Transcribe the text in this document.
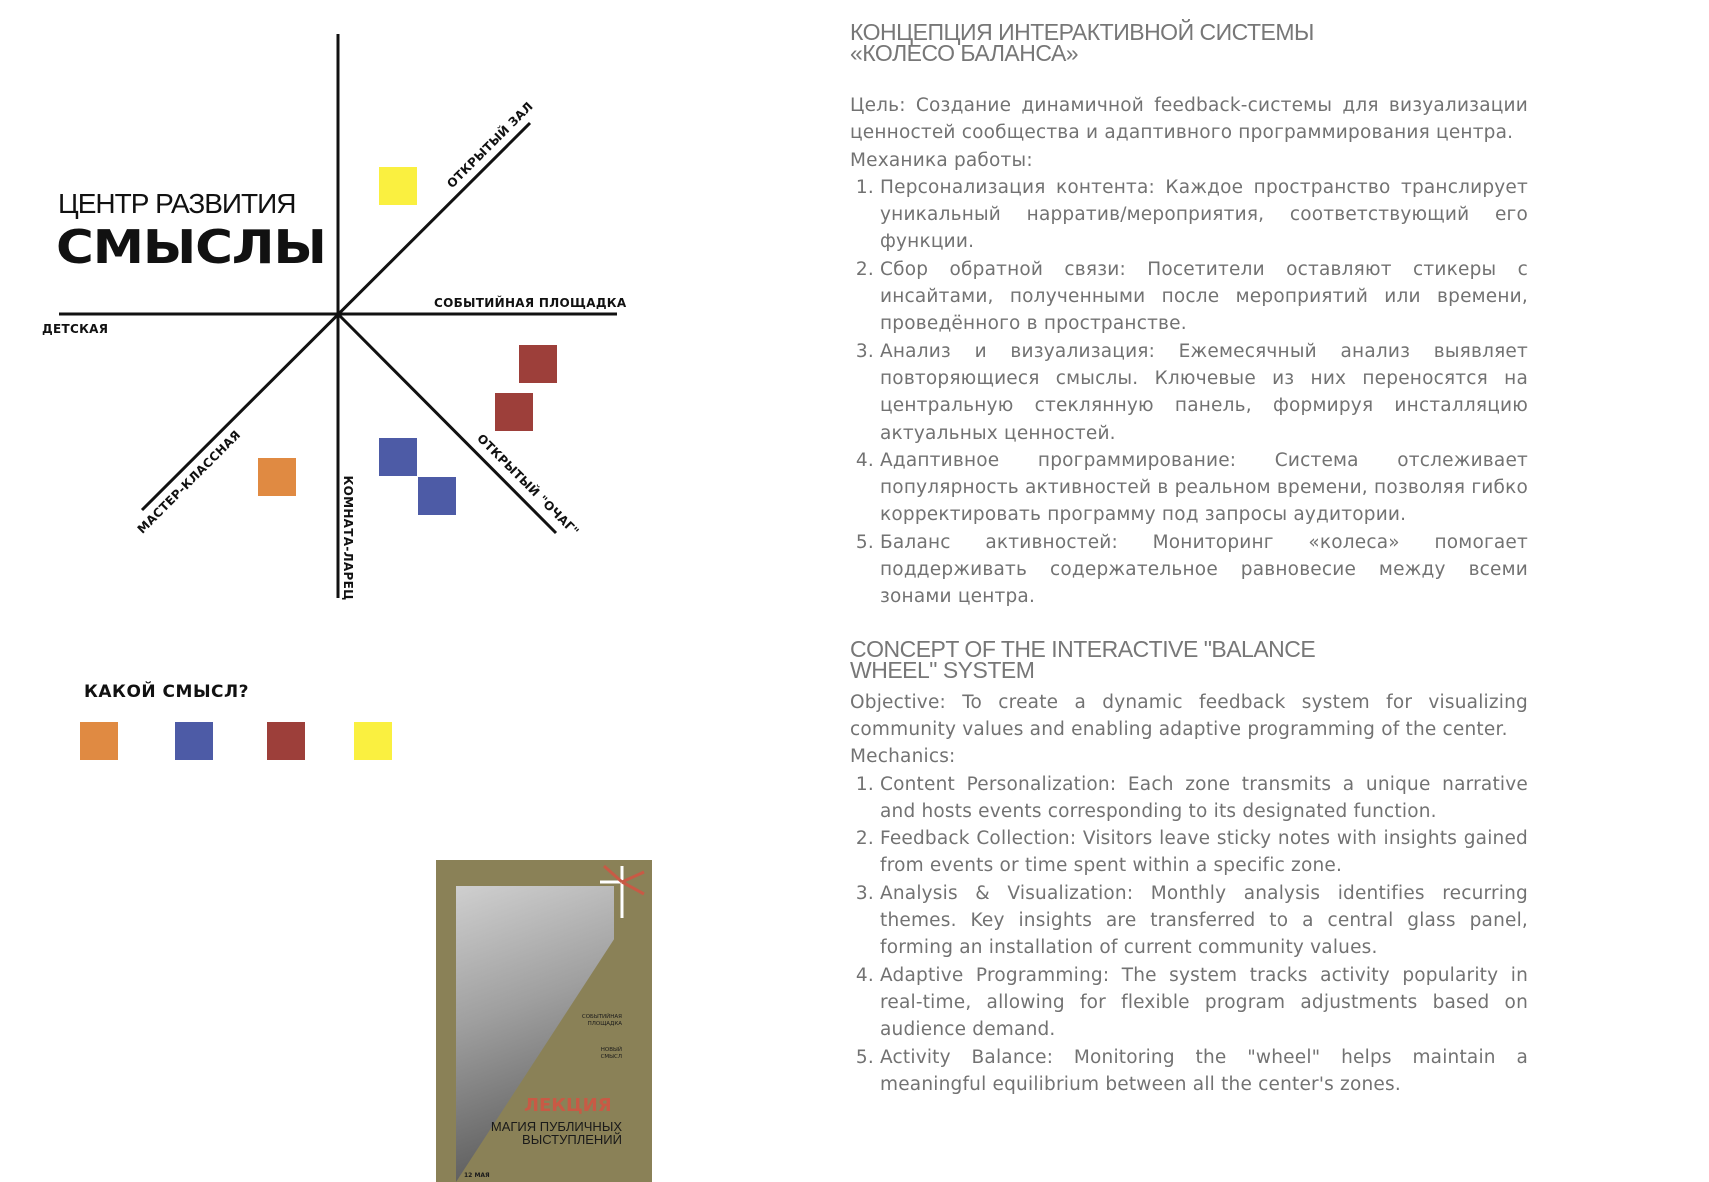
ЦЕНТР РАЗВИТИЯ
СМЫСЛЫ
ОТКРЫТЫЙ ЗАЛ
СОБЫТИЙНАЯ ПЛОЩАДКА
ДЕТСКАЯ
ОТКРЫТЫЙ "ОЧАГ"
МАСТЕР-КЛАССНАЯ	КОМНАТА-ЛАРЕЦ
КАКОЙ СМЫСЛ?
СОБЫТИЙНАЯ
ПЛОЩАДКА
НОВЫЙ
СМЫСЛ
ЛЕКЦИЯ
МАГИЯ ПУБЛИЧНЫХ
ВЫСТУПЛЕНИЙ
12 МАЯ
КОНЦЕПЦИЯ ИНТЕРАКТИВНОЙ СИСТЕМЫ
«КОЛЕСО БАЛАНСА»
Цель: Создание динамичной feedback-системы для визуализации ценностей сообщества и адаптивного программирования центра.
Механика работы:
1. Персонализация контента: Каждое пространство транслирует уникальный нарратив/мероприятия, соответствующий его функции.
2. Сбор обратной связи: Посетители оставляют стикеры с инсайтами, полученными после мероприятий или времени, проведённого в пространстве.
3. Анализ и визуализация: Ежемесячный анализ выявляет повторяющиеся смыслы. Ключевые из них переносятся на центральную стеклянную панель, формируя инсталляцию актуальных ценностей.
4. Адаптивное программирование: Система отслеживает популярность активностей в реальном времени, позволяя гибко корректировать программу под запросы аудитории.
5. Баланс активностей: Мониторинг «колеса» помогает поддерживать содержательное равновесие между всеми зонами центра.
CONCEPT OF THE INTERACTIVE "BALANCE
WHEEL" SYSTEM
Objective: To create a dynamic feedback system for visualizing community values and enabling adaptive programming of the center.
Mechanics:
1. Content Personalization: Each zone transmits a unique narrative and hosts events corresponding to its designated function.
2. Feedback Collection: Visitors leave sticky notes with insights gained from events or time spent within a specific zone.
3. Analysis & Visualization: Monthly analysis identifies recurring themes. Key insights are transferred to a central glass panel, forming an installation of current community values.
4. Adaptive Programming: The system tracks activity popularity in real-time, allowing for flexible program adjustments based on audience demand.
5. Activity Balance: Monitoring the "wheel" helps maintain a meaningful equilibrium between all the center's zones.
